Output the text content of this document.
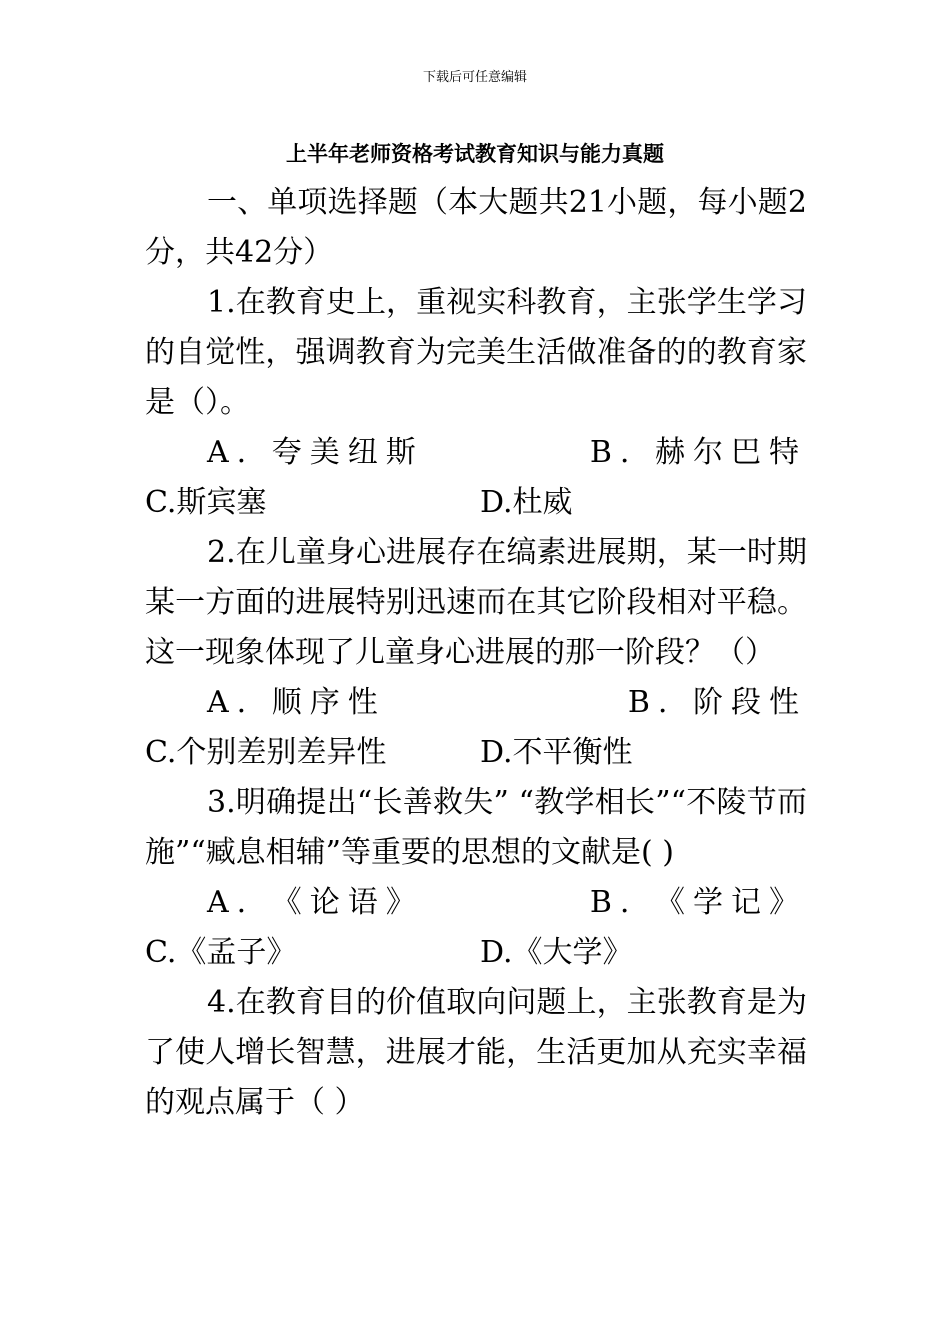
下载后可任意编辑
上半年老师资格考试教育知识与能力真题

一、单项选择题（本大题共21小题，每小题2分，共42分）

1.在教育史上，重视实科教育，主张学生学习的自觉性，强调教育为完美生活做准备的的教育家是（）。

A. 夸美纽斯	B. 赫尔巴特
C.斯宾塞	D.杜威

2.在儿童身心进展存在缟素进展期，某一时期某一方面的进展特别迅速而在其它阶段相对平稳。这一现象体现了儿童身心进展的那一阶段？（）

A. 顺序性	B. 阶段性
C.个别差别差异性	D.不平衡性

3.明确提出“长善救失” “教学相长”“不陵节而施”“臧息相辅”等重要的思想的文献是( )

A. 《论语》	B. 《学记》
C.《孟子》	D.《大学》

4.在教育目的价值取向问题上，主张教育是为了使人增长智慧，进展才能，生活更加从充实幸福的观点属于（ ）
